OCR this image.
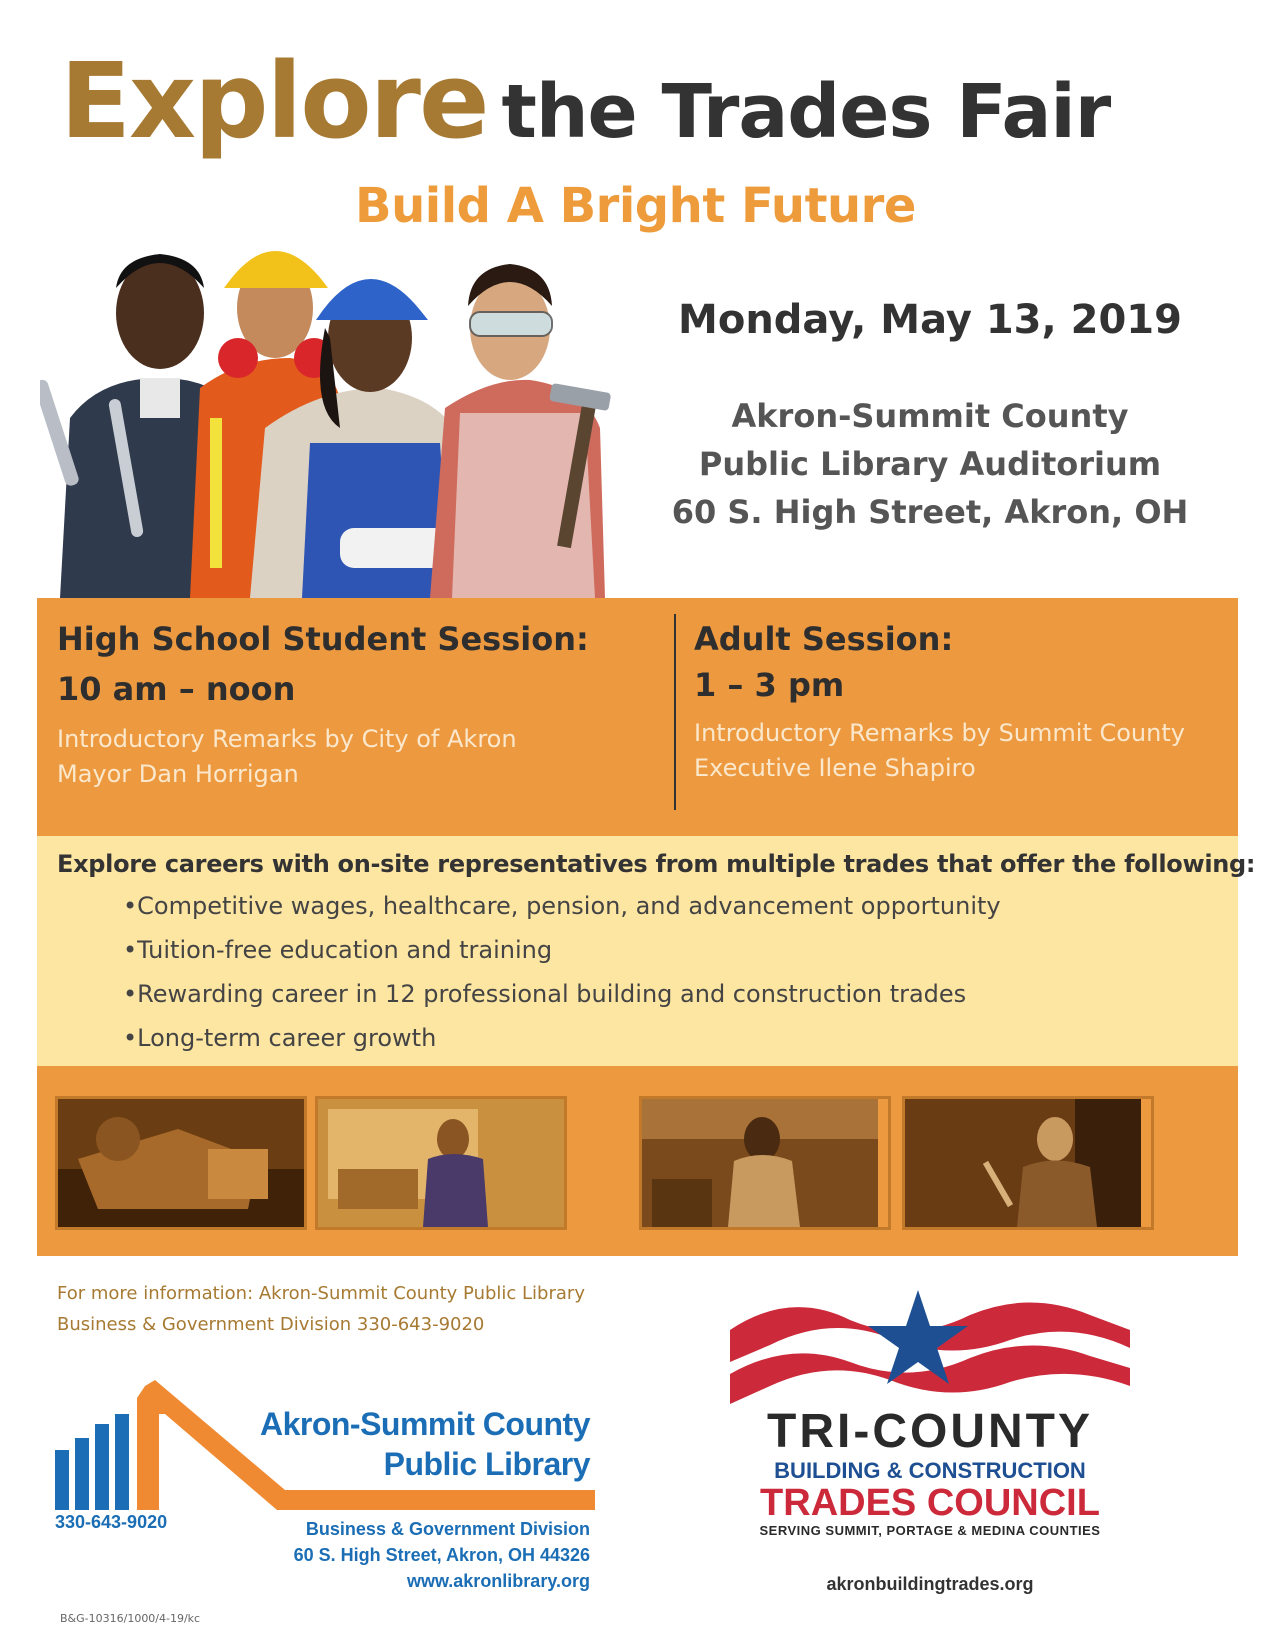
Explore the Trades Fair
Build A Bright Future
Monday, May 13, 2019
Akron-Summit County
Public Library Auditorium
60 S. High Street, Akron, OH
High School Student Session:
10 am – noon
Introductory Remarks by City of Akron
Mayor Dan Horrigan
Adult Session:
1 – 3 pm
Introductory Remarks by Summit County
Executive Ilene Shapiro
Explore careers with on-site representatives from multiple trades that offer the following:
•Competitive wages, healthcare, pension, and advancement opportunity
•Tuition-free education and training
•Rewarding career in 12 professional building and construction trades
•Long-term career growth
For more information: Akron-Summit County Public Library
Business & Government Division 330-643-9020
Akron-Summit County
Public Library
330-643-9020	Business & Government Division
60 S. High Street, Akron, OH 44326
www.akronlibrary.org
B&G-10316/1000/4-19/kc
TRI-COUNTY
BUILDING & CONSTRUCTION
TRADES COUNCIL
SERVING SUMMIT, PORTAGE & MEDINA COUNTIES
akronbuildingtrades.org
